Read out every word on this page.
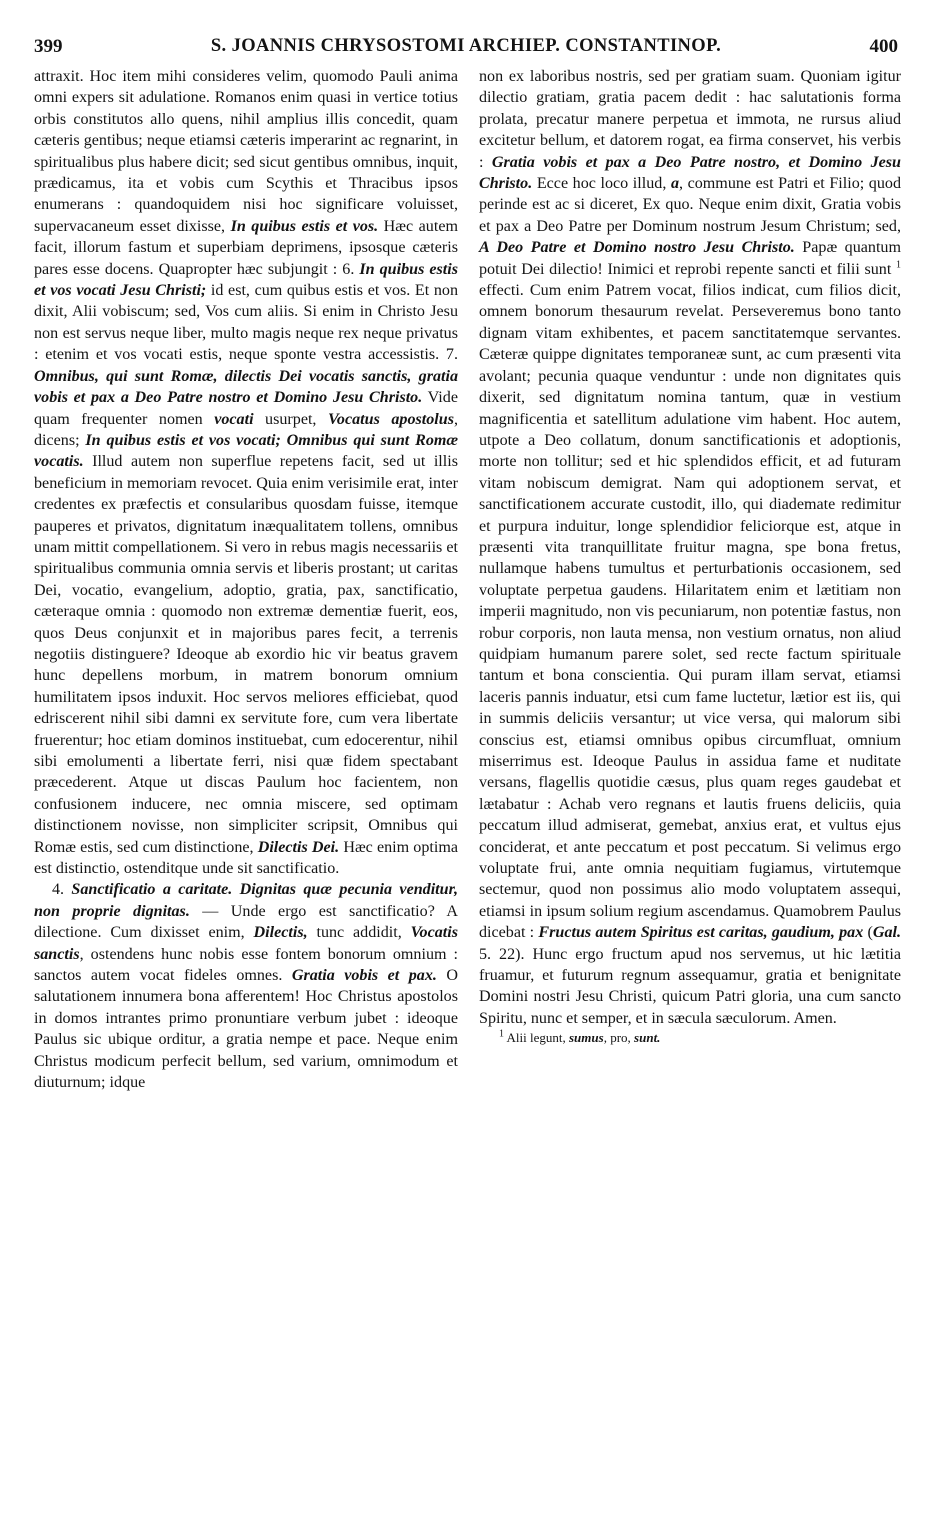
399	S. JOANNIS CHRYSOSTOMI ARCHIEP. CONSTANTINOP.	400

attraxit. Hoc item mihi consideres velim, quomodo Pauli anima omni expers sit adulatione. Romanos enim quasi in vertice totius orbis constitutos allo quens, nihil amplius illis concedit, quam cæteris gentibus; neque etiamsi cæteris imperarint ac regnarint, in spiritualibus plus habere dicit; sed sicut gentibus omnibus, inquit, prædicamus, ita et vobis cum Scythis et Thracibus ipsos enumerans : quandoquidem nisi hoc significare voluisset, supervacaneum esset dixisse, In quibus estis et vos. Hæc autem facit, illorum fastum et superbiam deprimens, ipsosque cæteris pares esse docens. Quapropter hæc subjungit : 6. In quibus estis et vos vocati Jesu Christi; id est, cum quibus estis et vos. Et non dixit, Alii vobiscum; sed, Vos cum aliis. Si enim in Christo Jesu non est servus neque liber, multo magis neque rex neque privatus : etenim et vos vocati estis, neque sponte vestra accessistis. 7. Omnibus, qui sunt Romæ, dilectis Dei vocatis sanctis, gratia vobis et pax a Deo Patre nostro et Domino Jesu Christo. Vide quam frequenter nomen vocati usurpet, Vocatus apostolus, dicens; In quibus estis et vos vocati; Omnibus qui sunt Romæ vocatis. Illud autem non superflue repetens facit, sed ut illis beneficium in memoriam revocet. Quia enim verisimile erat, inter credentes ex præfectis et consularibus quosdam fuisse, itemque pauperes et privatos, dignitatum inæqualitatem tollens, omnibus unam mittit compellationem. Si vero in rebus magis necessariis et spiritualibus communia omnia servis et liberis prostant; ut caritas Dei, vocatio, evangelium, adoptio, gratia, pax, sanctificatio, cæteraque omnia : quomodo non extremæ dementiæ fuerit, eos, quos Deus conjunxit et in majoribus pares fecit, a terrenis negotiis distinguere? Ideoque ab exordio hic vir beatus gravem hunc depellens morbum, in matrem bonorum omnium humilitatem ipsos induxit. Hoc servos meliores efficiebat, quod edriscerent nihil sibi damni ex servitute fore, cum vera libertate fruerentur; hoc etiam dominos instituebat, cum edocerentur, nihil sibi emolumenti a libertate ferri, nisi quæ fidem spectabant præcederent. Atque ut discas Paulum hoc facientem, non confusionem inducere, nec omnia miscere, sed optimam distinctionem novisse, non simpliciter scripsit, Omnibus qui Romæ estis, sed cum distinctione, Dilectis Dei. Hæc enim optima est distinctio, ostenditque unde sit sanctificatio.

4. Sanctificatio a caritate. Dignitas quæ pecunia venditur, non proprie dignitas. — Unde ergo est sanctificatio? A dilectione. Cum dixisset enim, Dilectis, tunc addidit, Vocatis sanctis, ostendens hunc nobis esse fontem bonorum omnium : sanctos autem vocat fideles omnes. Gratia vobis et pax. O salutationem innumera bona afferentem! Hoc Christus apostolos in domos intrantes primo pronuntiare verbum jubet : ideoque Paulus sic ubique orditur, a gratia nempe et pace. Neque enim Christus modicum perfecit bellum, sed varium, omnimodum et diuturnum; idque

non ex laboribus nostris, sed per gratiam suam. Quoniam igitur dilectio gratiam, gratia pacem dedit : hac salutationis forma prolata, precatur manere perpetua et immota, ne rursus aliud excitetur bellum, et datorem rogat, ea firma conservet, his verbis : Gratia vobis et pax a Deo Patre nostro, et Domino Jesu Christo. Ecce hoc loco illud, a, commune est Patri et Filio; quod perinde est ac si diceret, Ex quo. Neque enim dixit, Gratia vobis et pax a Deo Patre per Dominum nostrum Jesum Christum; sed, A Deo Patre et Domino nostro Jesu Christo. Papæ quantum potuit Dei dilectio! Inimici et reprobi repente sancti et filii sunt $^1$ effecti. Cum enim Patrem vocat, filios indicat, cum filios dicit, omnem bonorum thesaurum revelat. Perseveremus bono tanto dignam vitam exhibentes, et pacem sanctitatemque servantes. Cæteræ quippe dignitates temporaneæ sunt, ac cum præsenti vita avolant; pecunia quaque venduntur : unde non dignitates quis dixerit, sed dignitatum nomina tantum, quæ in vestium magnificentia et satellitum adulatione vim habent. Hoc autem, utpote a Deo collatum, donum sanctificationis et adoptionis, morte non tollitur; sed et hic splendidos efficit, et ad futuram vitam nobiscum demigrat. Nam qui adoptionem servat, et sanctificationem accurate custodit, illo, qui diademate redimitur et purpura induitur, longe splendidior feliciorque est, atque in præsenti vita tranquillitate fruitur magna, spe bona fretus, nullamque habens tumultus et perturbationis occasionem, sed voluptate perpetua gaudens. Hilaritatem enim et lætitiam non imperii magnitudo, non vis pecuniarum, non potentiæ fastus, non robur corporis, non lauta mensa, non vestium ornatus, non aliud quidpiam humanum parere solet, sed recte factum spirituale tantum et bona conscientia. Qui puram illam servat, etiamsi laceris pannis induatur, etsi cum fame luctetur, lætior est iis, qui in summis deliciis versantur; ut vice versa, qui malorum sibi conscius est, etiamsi omnibus opibus circumfluat, omnium miserrimus est. Ideoque Paulus in assidua fame et nuditate versans, flagellis quotidie cæsus, plus quam reges gaudebat et lætabatur : Achab vero regnans et lautis fruens deliciis, quia peccatum illud admiserat, gemebat, anxius erat, et vultus ejus conciderat, et ante peccatum et post peccatum. Si velimus ergo voluptate frui, ante omnia nequitiam fugiamus, virtutemque sectemur, quod non possimus alio modo voluptatem assequi, etiamsi in ipsum solium regium ascendamus. Quamobrem Paulus dicebat : Fructus autem Spiritus est caritas, gaudium, pax (Gal. 5. 22). Hunc ergo fructum apud nos servemus, ut hic lætitia fruamur, et futurum regnum assequamur, gratia et benignitate Domini nostri Jesu Christi, quicum Patri gloria, una cum sancto Spiritu, nunc et semper, et in sæcula sæculorum. Amen.

$^1$ Alii legunt, sumus, pro, sunt.
